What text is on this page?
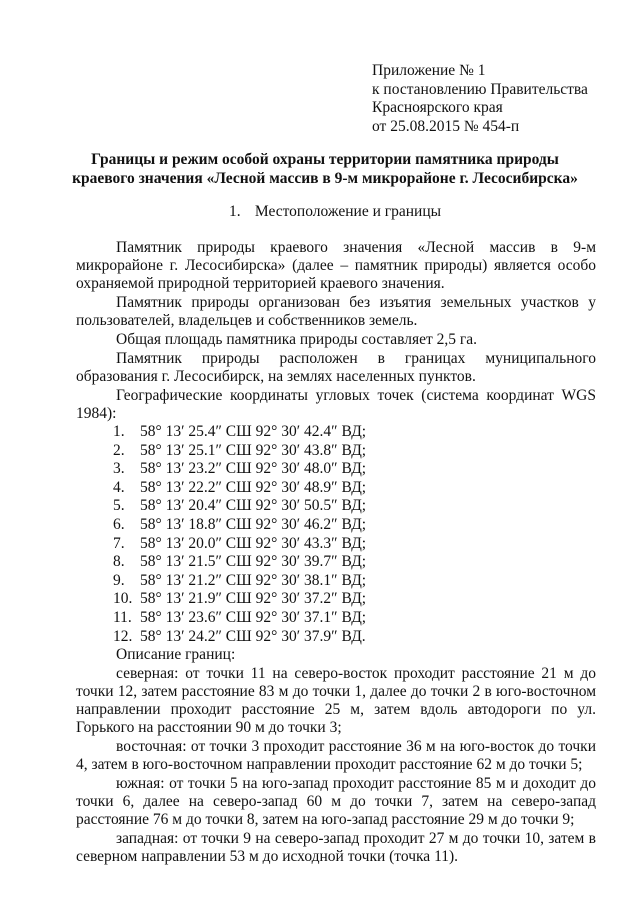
Приложение № 1
к постановлению Правительства
Красноярского края
от 25.08.2015 № 454-п
Границы и режим особой охраны территории памятника природы
краевого значения «Лесной массив в 9-м микрорайоне г. Лесосибирска»
1. Местоположение и границы
Памятник природы краевого значения «Лесной массив в 9-м микрорайоне г. Лесосибирска» (далее – памятник природы) является особо охраняемой природной территорией краевого значения.
Памятник природы организован без изъятия земельных участков у пользователей, владельцев и собственников земель.
Общая площадь памятника природы составляет 2,5 га.
Памятник природы расположен в границах муниципального образования г. Лесосибирск, на землях населенных пунктов.
Географические координаты угловых точек (система координат WGS 1984):
1. 58° 13′ 25.4″ СШ 92° 30′ 42.4″ ВД;
2. 58° 13′ 25.1″ СШ 92° 30′ 43.8″ ВД;
3. 58° 13′ 23.2″ СШ 92° 30′ 48.0″ ВД;
4. 58° 13′ 22.2″ СШ 92° 30′ 48.9″ ВД;
5. 58° 13′ 20.4″ СШ 92° 30′ 50.5″ ВД;
6. 58° 13′ 18.8″ СШ 92° 30′ 46.2″ ВД;
7. 58° 13′ 20.0″ СШ 92° 30′ 43.3″ ВД;
8. 58° 13′ 21.5″ СШ 92° 30′ 39.7″ ВД;
9. 58° 13′ 21.2″ СШ 92° 30′ 38.1″ ВД;
10. 58° 13′ 21.9″ СШ 92° 30′ 37.2″ ВД;
11. 58° 13′ 23.6″ СШ 92° 30′ 37.1″ ВД;
12. 58° 13′ 24.2″ СШ 92° 30′ 37.9″ ВД.
Описание границ:
северная: от точки 11 на северо-восток проходит расстояние 21 м до точки 12, затем расстояние 83 м до точки 1, далее до точки 2 в юго-восточном направлении проходит расстояние 25 м, затем вдоль автодороги по ул. Горького на расстоянии 90 м до точки 3;
восточная: от точки 3 проходит расстояние 36 м на юго-восток до точки 4, затем в юго-восточном направлении проходит расстояние 62 м до точки 5;
южная: от точки 5 на юго-запад проходит расстояние 85 м и доходит до точки 6, далее на северо-запад 60 м до точки 7, затем на северо-запад расстояние 76 м до точки 8, затем на юго-запад расстояние 29 м до точки 9;
западная: от точки 9 на северо-запад проходит 27 м до точки 10, затем в северном направлении 53 м до исходной точки (точка 11).
